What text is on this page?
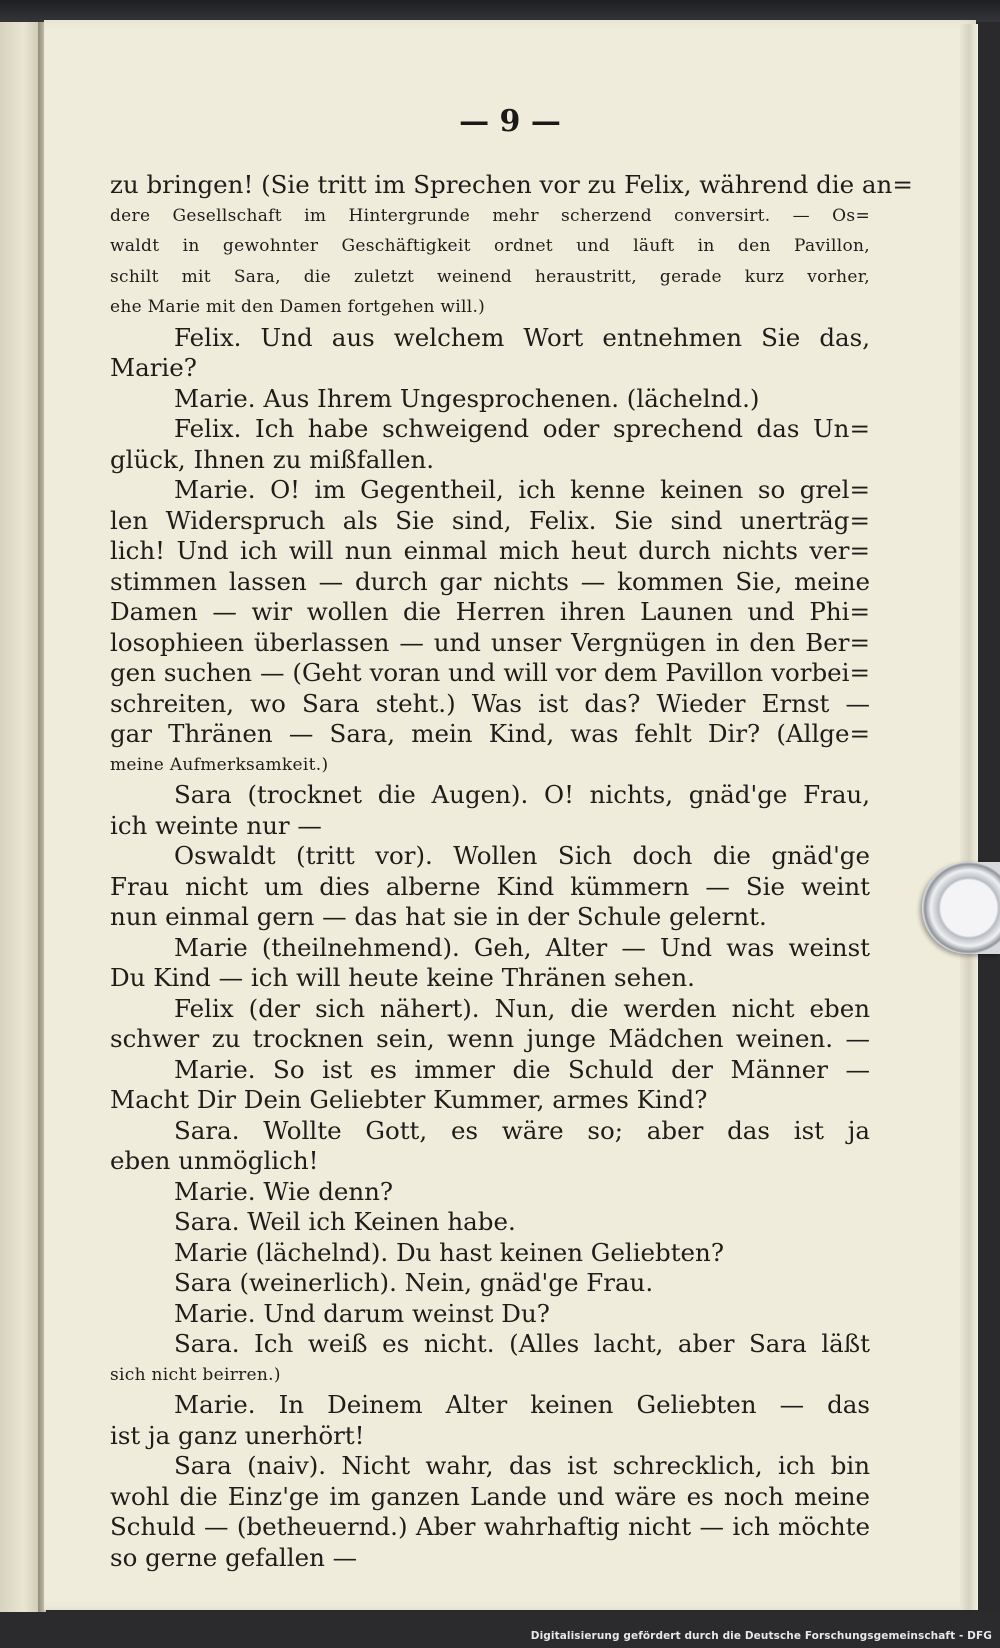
— 9 —
zu bringen! (Sie tritt im Sprechen vor zu Felix, während die an=
dere Gesellschaft im Hintergrunde mehr scherzend conversirt. — Os=
waldt in gewohnter Geschäftigkeit ordnet und läuft in den Pavillon,
schilt mit Sara, die zuletzt weinend heraustritt, gerade kurz vorher,
ehe Marie mit den Damen fortgehen will.)
Felix. Und aus welchem Wort entnehmen Sie das,
Marie?
Marie. Aus Ihrem Ungesprochenen. (lächelnd.)
Felix. Ich habe schweigend oder sprechend das Un=
glück, Ihnen zu mißfallen.
Marie. O! im Gegentheil, ich kenne keinen so grel=
len Widerspruch als Sie sind, Felix. Sie sind unerträg=
lich! Und ich will nun einmal mich heut durch nichts ver=
stimmen lassen — durch gar nichts — kommen Sie, meine
Damen — wir wollen die Herren ihren Launen und Phi=
losophieen überlassen — und unser Vergnügen in den Ber=
gen suchen — (Geht voran und will vor dem Pavillon vorbei=
schreiten, wo Sara steht.) Was ist das? Wieder Ernst —
gar Thränen — Sara, mein Kind, was fehlt Dir? (Allge=
meine Aufmerksamkeit.)
Sara (trocknet die Augen). O! nichts, gnäd'ge Frau,
ich weinte nur —
Oswaldt (tritt vor). Wollen Sich doch die gnäd'ge
Frau nicht um dies alberne Kind kümmern — Sie weint
nun einmal gern — das hat sie in der Schule gelernt.
Marie (theilnehmend). Geh, Alter — Und was weinst
Du Kind — ich will heute keine Thränen sehen.
Felix (der sich nähert). Nun, die werden nicht eben
schwer zu trocknen sein, wenn junge Mädchen weinen. —
Marie. So ist es immer die Schuld der Männer —
Macht Dir Dein Geliebter Kummer, armes Kind?
Sara. Wollte Gott, es wäre so; aber das ist ja
eben unmöglich!
Marie. Wie denn?
Sara. Weil ich Keinen habe.
Marie (lächelnd). Du hast keinen Geliebten?
Sara (weinerlich). Nein, gnäd'ge Frau.
Marie. Und darum weinst Du?
Sara. Ich weiß es nicht. (Alles lacht, aber Sara läßt
sich nicht beirren.)
Marie. In Deinem Alter keinen Geliebten — das
ist ja ganz unerhört!
Sara (naiv). Nicht wahr, das ist schrecklich, ich bin
wohl die Einz'ge im ganzen Lande und wäre es noch meine
Schuld — (betheuernd.) Aber wahrhaftig nicht — ich möchte
so gerne gefallen —
Digitalisierung gefördert durch die Deutsche Forschungsgemeinschaft - DFG
